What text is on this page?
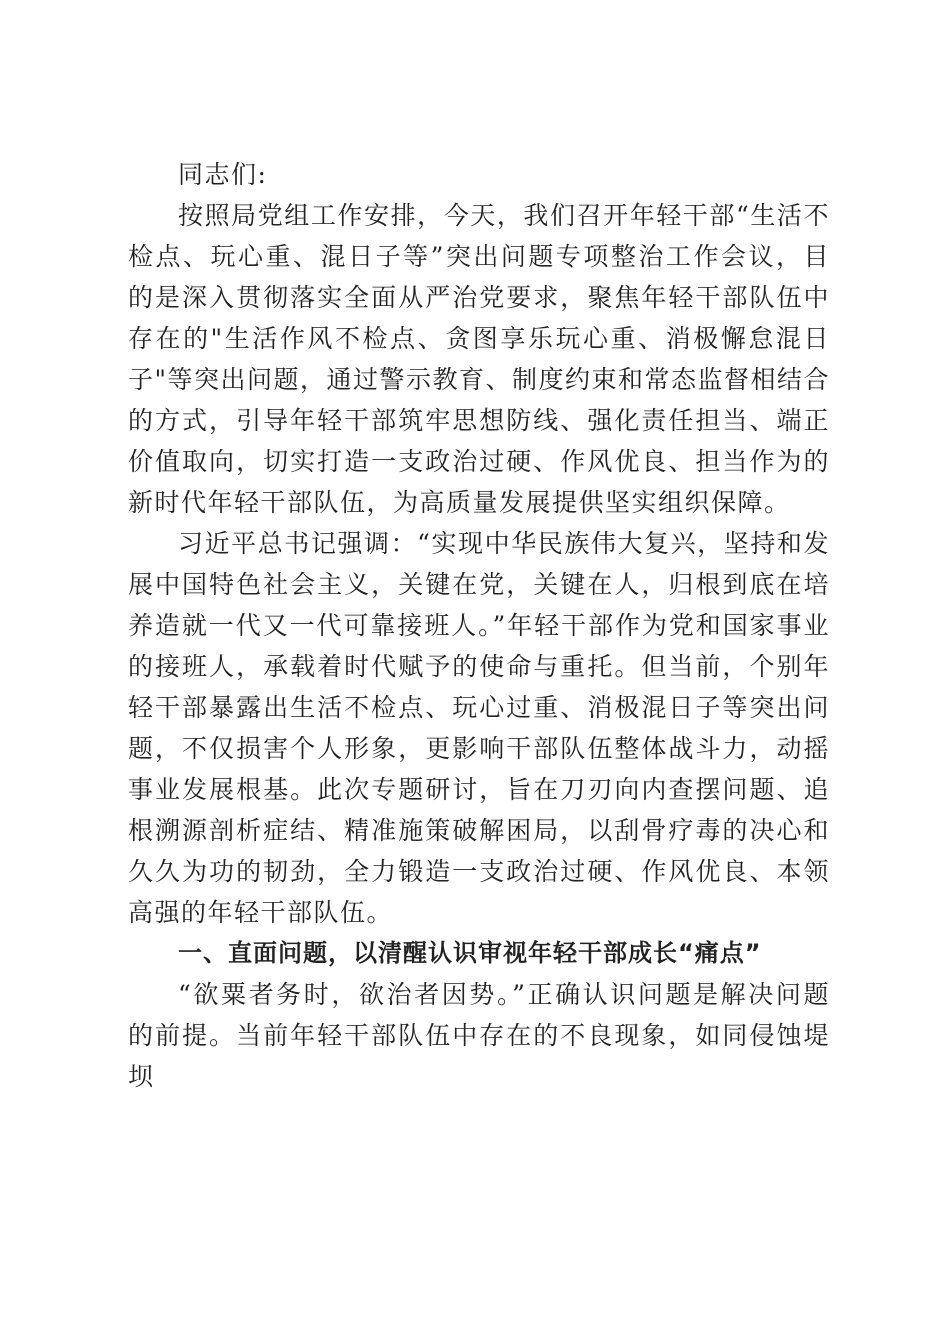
同志们:

按照局党组工作安排，今天，我们召开年轻干部“生活不检点、玩心重、混日子等”突出问题专项整治工作会议，目的是深入贯彻落实全面从严治党要求，聚焦年轻干部队伍中存在的"生活作风不检点、贪图享乐玩心重、消极懈怠混日子"等突出问题，通过警示教育、制度约束和常态监督相结合的方式，引导年轻干部筑牢思想防线、强化责任担当、端正价值取向，切实打造一支政治过硬、作风优良、担当作为的新时代年轻干部队伍，为高质量发展提供坚实组织保障。

习近平总书记强调：“实现中华民族伟大复兴，坚持和发展中国特色社会主义，关键在党，关键在人，归根到底在培养造就一代又一代可靠接班人。”年轻干部作为党和国家事业的接班人，承载着时代赋予的使命与重托。但当前，个别年轻干部暴露出生活不检点、玩心过重、消极混日子等突出问题，不仅损害个人形象，更影响干部队伍整体战斗力，动摇事业发展根基。此次专题研讨，旨在刀刃向内查摆问题、追根溯源剖析症结、精准施策破解困局，以刮骨疗毒的决心和久久为功的韧劲，全力锻造一支政治过硬、作风优良、本领高强的年轻干部队伍。

一、直面问题，以清醒认识审视年轻干部成长“痛点”

“欲粟者务时，欲治者因势。”正确认识问题是解决问题的前提。当前年轻干部队伍中存在的不良现象，如同侵蚀堤坝
